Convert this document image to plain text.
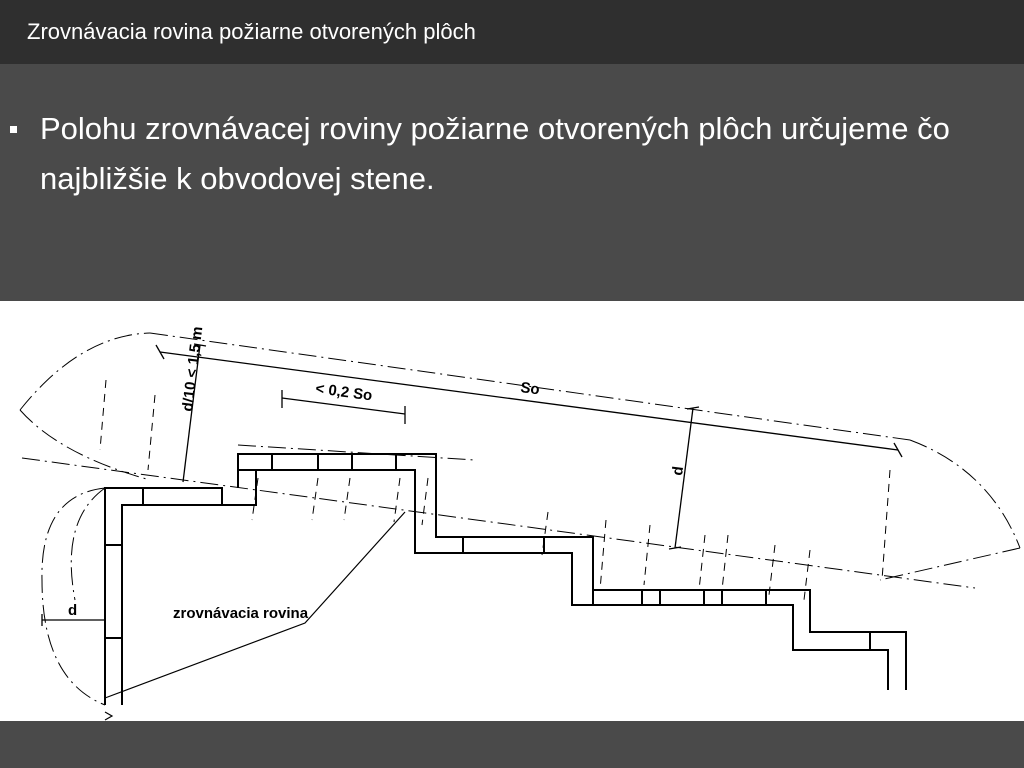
Zrovnávacia rovina požiarne otvorených plôch
Polohu zrovnávacej roviny požiarne otvorených plôch určujeme čo najbližšie k obvodovej stene.
d/10 < 1,5 m	< 0,2 So	So
d
d	zrovnávacia rovina
